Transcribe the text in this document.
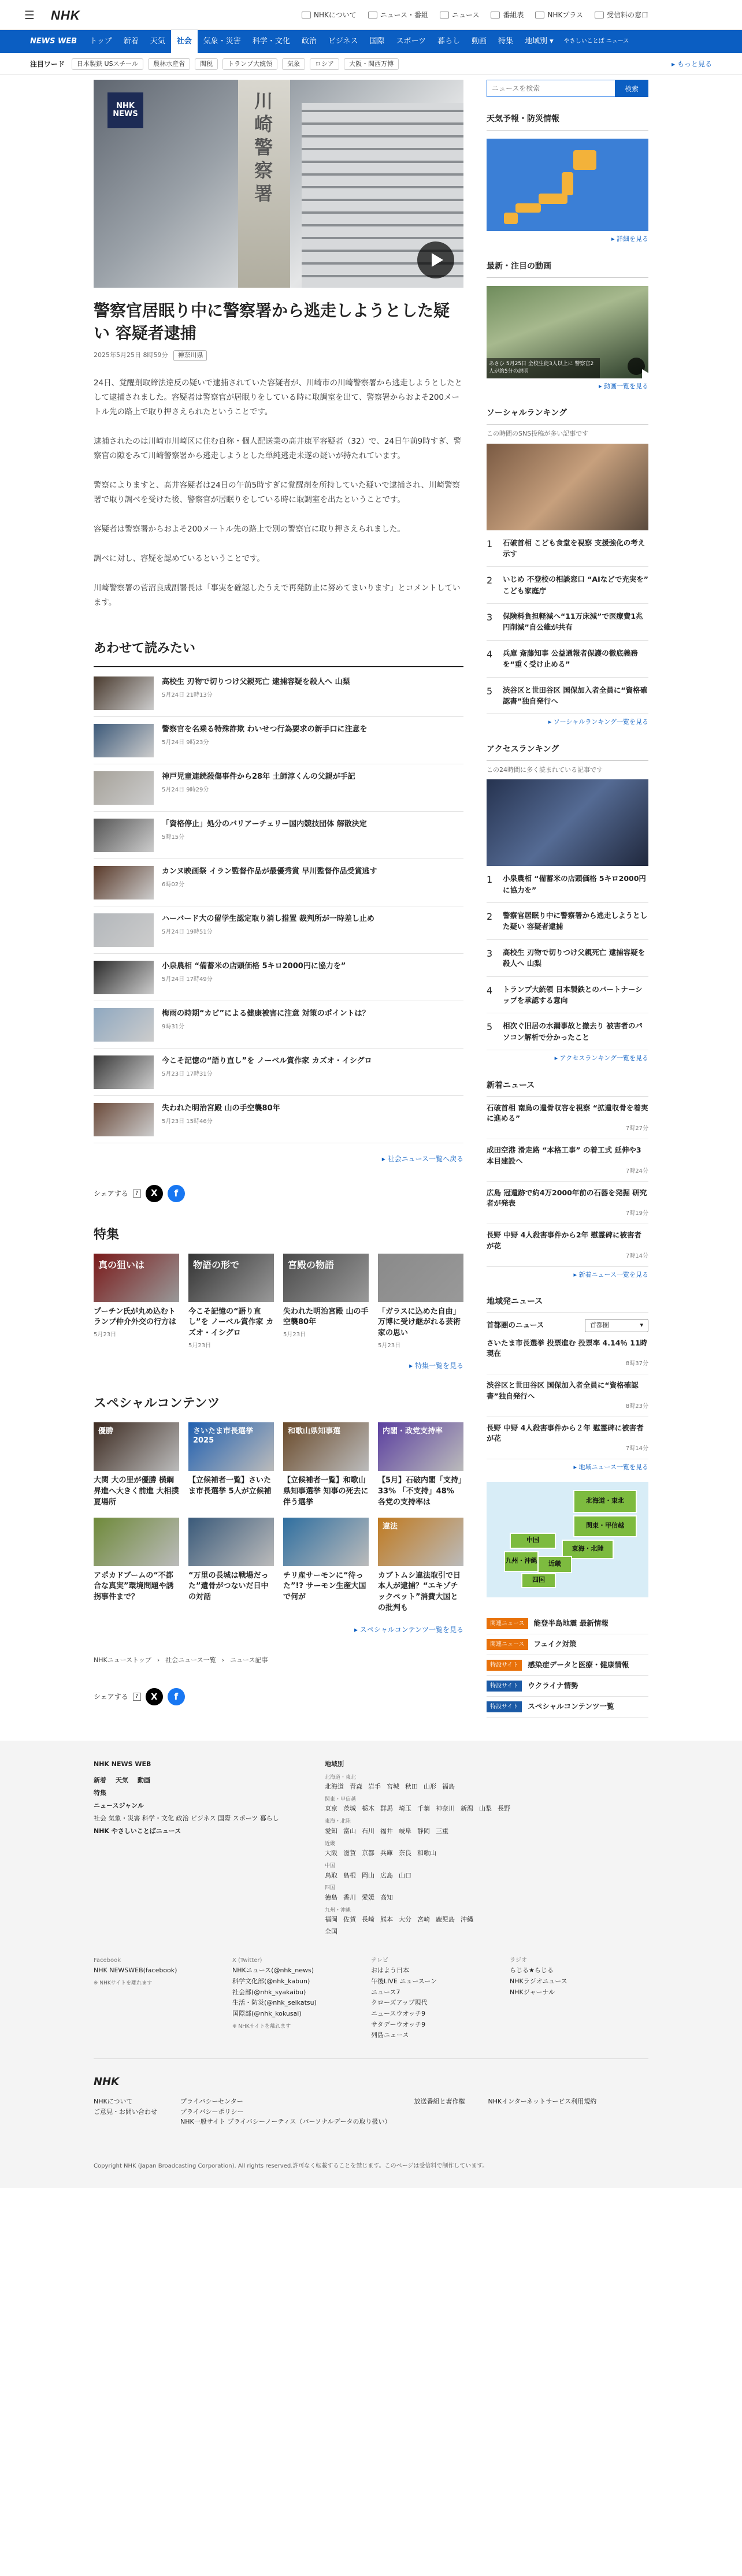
☰ NHK	NHKについて	ニュース・番組	ニュース	番組表	NHKプラス	受信料の窓口
NEWS WEB	トップ	新着	天気	社会	気象・災害	科学・文化	政治	ビジネス	国際	スポーツ	暮らし	動画	特集	地域別 ▾	やさしいことば ニュース
注目ワード	日本製鉄 USスチール	農林水産省	関税	トランプ大統領	気象	ロシア	大阪・関西万博	▸ もっと見る
川崎警察署
NHK
NEWS
警察官居眠り中に警察署から逃走しようとした疑い 容疑者逮捕
2025年5月25日 8時59分	神奈川県

24日、覚醒剤取締法違反の疑いで逮捕されていた容疑者が、川崎市の川崎警察署から逃走しようとしたとして逮捕されました。容疑者は警察官が居眠りをしている時に取調室を出て、警察署からおよそ200メートル先の路上で取り押さえられたということです。

逮捕されたのは川崎市川崎区に住む自称・個人配送業の髙井康平容疑者（32）で、24日午前9時すぎ、警察官の隙をみて川崎警察署から逃走しようとした単純逃走未遂の疑いが持たれています。

警察によりますと、髙井容疑者は24日の午前5時すぎに覚醒剤を所持していた疑いで逮捕され、川崎警察署で取り調べを受けた後、警察官が居眠りをしている時に取調室を出たということです。

容疑者は警察署からおよそ200メートル先の路上で別の警察官に取り押さえられました。

調べに対し、容疑を認めているということです。

川崎警察署の菅沼良成副署長は「事実を確認したうえで再発防止に努めてまいります」とコメントしています。

あわせて読みたい
高校生 刃物で切りつけ父親死亡 逮捕容疑を殺人へ 山梨
5月24日 21時13分
警察官を名乗る特殊詐欺 わいせつ行為要求の新手口に注意を
5月24日 9時23分
神戸児童連続殺傷事件から28年 土師淳くんの父親が手記
5月24日 9時29分
「資格停止」処分のバリアーチェリー国内競技団体 解散決定
5時15分
カンヌ映画祭 イラン監督作品が最優秀賞 早川監督作品受賞逃す
6時02分
ハーバード大の留学生認定取り消し措置 裁判所が一時差し止め
5月24日 19時51分
小泉農相 “備蓄米の店頭価格 5キロ2000円に協力を”
5月24日 17時49分
梅雨の時期“カビ”による健康被害に注意 対策のポイントは？
9時31分
今こそ記憶の“語り直し”を ノーベル賞作家 カズオ・イシグロ
5月23日 17時31分
失われた明治宮殿 山の手空襲80年
5月23日 15時46分
▸ 社会ニュース一覧へ戻る
シェアする	?	X	f
特集
真の狙いは
プーチン氏が丸め込むトランプ仲介外交の行方は
5月23日
物語の形で
今こそ記憶の“語り直し”を ノーベル賞作家 カズオ・イシグロ
5月23日
宮殿の物語
失われた明治宮殿 山の手空襲80年
5月23日
「ガラスに込めた自由」万博に受け継がれる芸術家の思い
5月23日
▸ 特集一覧を見る
スペシャルコンテンツ
優勝
大関 大の里が優勝 横綱昇進へ大きく前進 大相撲夏場所
さいたま市長選挙 2025
【立候補者一覧】さいたま市長選挙 5人が立候補
和歌山県知事選
【立候補者一覧】和歌山県知事選挙 知事の死去に伴う選挙
内閣・政党支持率
【5月】石破内閣「支持」33% 「不支持」48% 各党の支持率は
アポカドブームの“不都合な真実”環境問題や誘拐事件まで？
“万里の長城は戦場だった”遺骨がつないだ日中の対話
チリ産サーモンに“待った”!? サーモン生産大国で何が
違法
カブトムシ違法取引で日本人が逮捕？“エキゾチックペット”消費大国との批判も
▸ スペシャルコンテンツ一覧を見る
NHKニューストップ › 社会ニュース一覧 › ニュース記事
シェアする	?	X	f
ニュースを検索
検索
天気予報・防災情報
▸ 詳細を見る
最新・注目の動画
あさひ 5月25日 全校生徒3人以上に 警察官2人が約5分の説明
▸ 動画一覧を見る
ソーシャルランキング
この時間のSNS投稿が多い記事です
1	石破首相 こども食堂を視察 支援強化の考え示す
2	いじめ 不登校の相談窓口 “AIなどで充実を” こども家庭庁
3	保険料負担軽減へ“11万床減”で医療費1兆円削減”自公維が共有
4	兵庫 斎藤知事 公益通報者保護の徹底義務を“重く受け止める”
5	渋谷区と世田谷区 国保加入者全員に“資格確認書”独自発行へ
▸ ソーシャルランキング一覧を見る
アクセスランキング
この24時間に多く読まれている記事です
1	小泉農相 “備蓄米の店頭価格 5キロ2000円に協力を”
2	警察官居眠り中に警察署から逃走しようとした疑い 容疑者逮捕
3	高校生 刃物で切りつけ父親死亡 逮捕容疑を殺人へ 山梨
4	トランプ大統領 日本製鉄とのパートナーシップを承認する意向
5	相次ぐ旧居の水漏事故と撤去り 被害者のパソコン解析で分かったこと
▸ アクセスランキング一覧を見る
新着ニュース
石破首相 南鳥の遺骨収容を視察 “拡遺収骨を着実に進める”
7時27分
成田空港 滑走路 “本格工事” の着工式 延伸や3本目建設へ
7時24分
広島 冠遺跡で約4万2000年前の石器を発掘 研究者が発表
7時19分
長野 中野 4人殺害事件から2年 慰霊碑に被害者が花
7時14分
▸ 新着ニュース一覧を見る
地域発ニュース
首都圏のニュース	首都圏	▾
さいたま市長選挙 投票進む 投票率 4.14％ 11時現在
8時37分
渋谷区と世田谷区 国保加入者全員に“資格確認書”独自発行へ
8時23分
長野 中野 4人殺害事件から２年 慰霊碑に被害者が花
7時14分
▸ 地域ニュース一覧を見る
北海道・東北
関東・甲信越
東海・北陸
近畿
中国
九州・沖縄
四国
関連ニュース	能登半島地震 最新情報
関連ニュース	フェイク対策
特設サイト	感染症データと医療・健康情報
特設サイト	ウクライナ情勢
特設サイト	スペシャルコンテンツ一覧
NHK NEWS WEB
新着 天気 動画
特集
ニュースジャンル
社会 気象・災害 科学・文化 政治 ビジネス 国際 スポーツ 暮らし
NHK やさしいことばニュース
地域別
北海道・東北
北海道 青森 岩手 宮城 秋田 山形 福島
関東・甲信越
東京 茨城 栃木 群馬 埼玉 千葉 神奈川 新潟 山梨 長野
東海・北陸
愛知 富山 石川 福井 岐阜 静岡 三重
近畿
大阪 滋賀 京都 兵庫 奈良 和歌山
中国
鳥取 島根 岡山 広島 山口
四国
徳島 香川 愛媛 高知
九州・沖縄
福岡 佐賀 長崎 熊本 大分 宮崎 鹿児島 沖縄
全国
Facebook
NHK NEWSWEB(facebook)
※ NHKサイトを離れます
X (Twitter)
NHKニュース(@nhk_news)
科学文化部(@nhk_kabun)
社会部(@nhk_syakaibu)
生活・防災(@nhk_seikatsu)
国際部(@nhk_kokusai)
※ NHKサイトを離れます
テレビ
おはよう日本
午後LIVE ニュースーン
ニュース7
クローズアップ現代
ニュースウオッチ9
サタデーウオッチ9
列島ニュース
ラジオ
らじる★らじる
NHKラジオニュース
NHKジャーナル
NHK
NHKについて
ご意見・お問い合わせ
プライバシーセンター
プライバシーポリシー
NHK一般サイト プライバシーノーティス（パーソナルデータの取り扱い）
放送番組と著作権	NHKインターネットサービス利用規約
Copyright NHK (Japan Broadcasting Corporation). All rights reserved.許可なく転載することを禁じます。このページは受信料で制作しています。
